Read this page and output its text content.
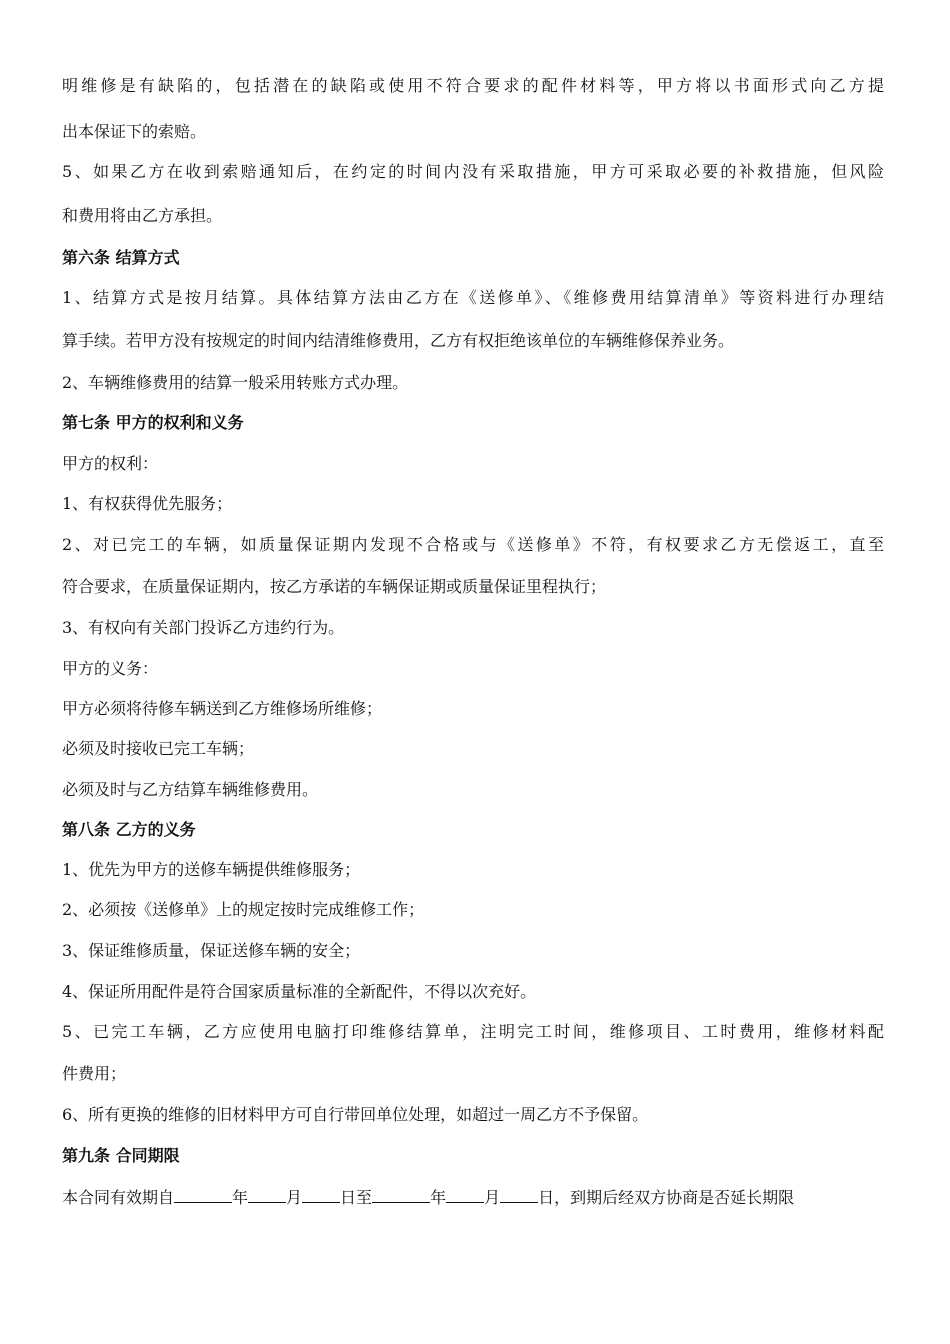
明维修是有缺陷的，包括潜在的缺陷或使用不符合要求的配件材料等，甲方将以书面形式向乙方提
出本保证下的索赔。
5、如果乙方在收到索赔通知后，在约定的时间内没有采取措施，甲方可采取必要的补救措施，但风险
和费用将由乙方承担。
第六条 结算方式
1、结算方式是按月结算。具体结算方法由乙方在《送修单》、《维修费用结算清单》等资料进行办理结
算手续。若甲方没有按规定的时间内结清维修费用，乙方有权拒绝该单位的车辆维修保养业务。
2、车辆维修费用的结算一般采用转账方式办理。
第七条 甲方的权利和义务
甲方的权利：
1、有权获得优先服务；
2、对已完工的车辆，如质量保证期内发现不合格或与《送修单》不符，有权要求乙方无偿返工，直至
符合要求，在质量保证期内，按乙方承诺的车辆保证期或质量保证里程执行；
3、有权向有关部门投诉乙方违约行为。
甲方的义务：
甲方必须将待修车辆送到乙方维修场所维修；
必须及时接收已完工车辆；
必须及时与乙方结算车辆维修费用。
第八条 乙方的义务
1、优先为甲方的送修车辆提供维修服务；
2、必须按《送修单》上的规定按时完成维修工作；
3、保证维修质量，保证送修车辆的安全；
4、保证所用配件是符合国家质量标准的全新配件，不得以次充好。
5、已完工车辆，乙方应使用电脑打印维修结算单，注明完工时间，维修项目、工时费用，维修材料配
件费用；
6、所有更换的维修的旧材料甲方可自行带回单位处理，如超过一周乙方不予保留。
第九条 合同期限
本合同有效期自	年 月 日至	年 月 日，到期后经双方协商是否延长期限
